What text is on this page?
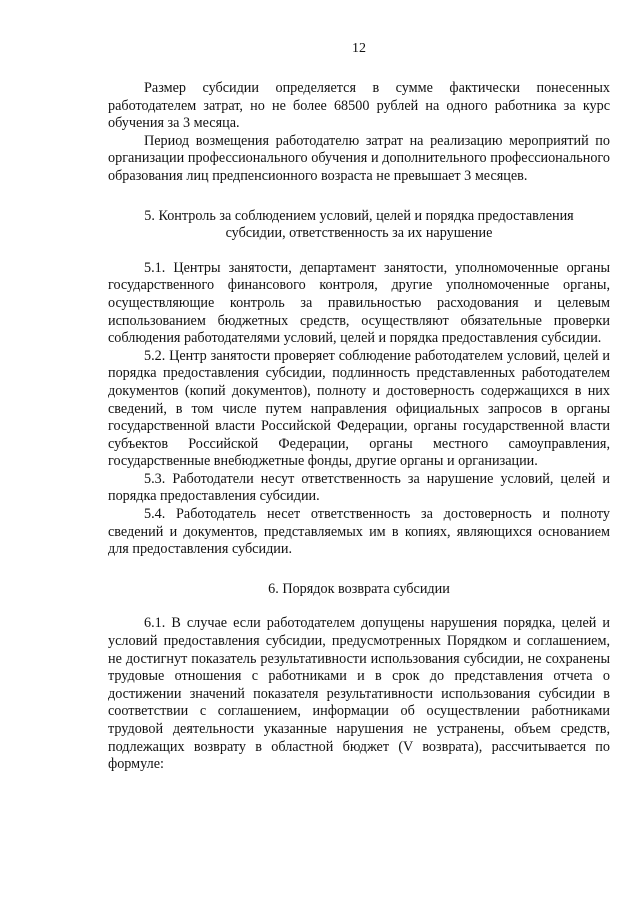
12

Размер субсидии определяется в сумме фактически понесенных работодателем затрат, но не более 68500 рублей на одного работника за курс обучения за 3 месяца.

Период возмещения работодателю затрат на реализацию мероприятий по организации профессионального обучения и дополнительного профессионального образования лиц предпенсионного возраста не превышает 3 месяцев.

5. Контроль за соблюдением условий, целей и порядка предоставления субсидии, ответственность за их нарушение

5.1. Центры занятости, департамент занятости, уполномоченные органы государственного финансового контроля, другие уполномоченные органы, осуществляющие контроль за правильностью расходования и целевым использованием бюджетных средств, осуществляют обязательные проверки соблюдения работодателями условий, целей и порядка предоставления субсидии.

5.2. Центр занятости проверяет соблюдение работодателем условий, целей и порядка предоставления субсидии, подлинность представленных работодателем документов (копий документов), полноту и достоверность содержащихся в них сведений, в том числе путем направления официальных запросов в органы государственной власти Российской Федерации, органы государственной власти субъектов Российской Федерации, органы местного самоуправления, государственные внебюджетные фонды, другие органы и организации.

5.3. Работодатели несут ответственность за нарушение условий, целей и порядка предоставления субсидии.

5.4. Работодатель несет ответственность за достоверность и полноту сведений и документов, представляемых им в копиях, являющихся основанием для предоставления субсидии.

6. Порядок возврата субсидии

6.1. В случае если работодателем допущены нарушения порядка, целей и условий предоставления субсидии, предусмотренных Порядком и соглашением, не достигнут показатель результативности использования субсидии, не сохранены трудовые отношения с работниками и в срок до представления отчета о достижении значений показателя результативности использования субсидии в соответствии с соглашением, информации об осуществлении работниками трудовой деятельности указанные нарушения не устранены, объем средств, подлежащих возврату в областной бюджет (V возврата), рассчитывается по формуле:
